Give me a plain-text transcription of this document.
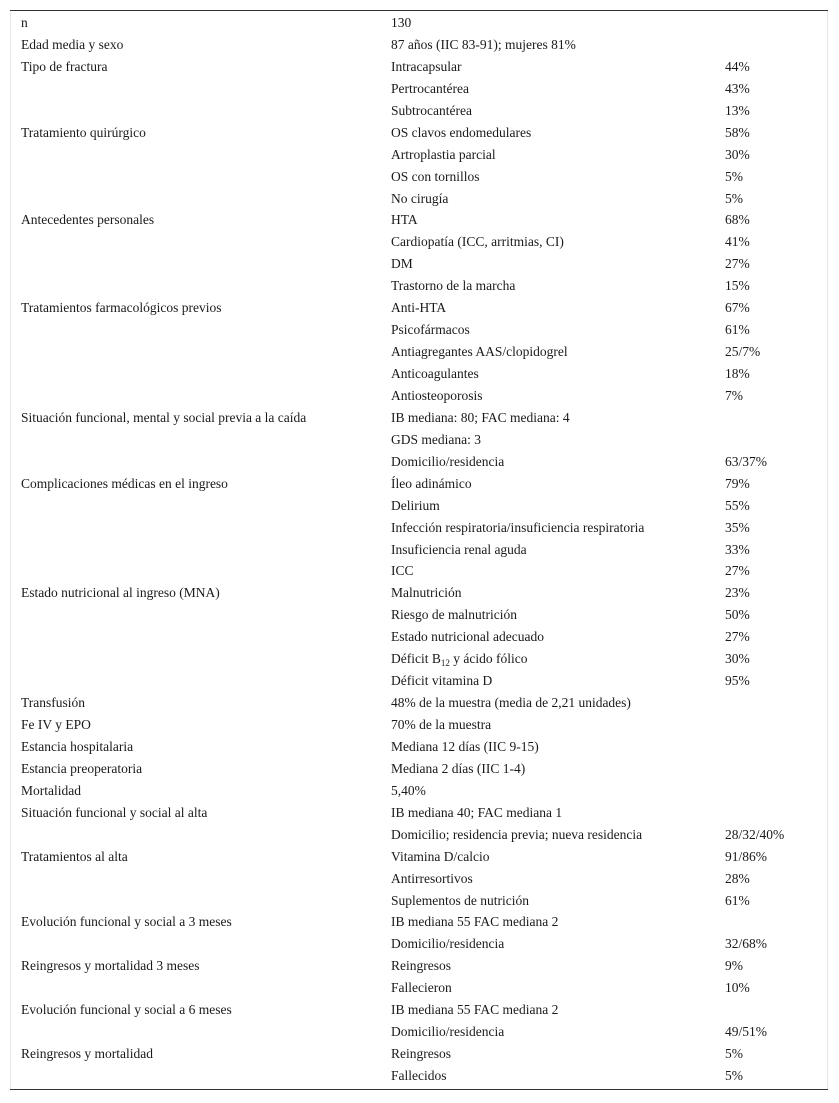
n	130
Edad media y sexo	87 años (IIC 83-91); mujeres 81%
Tipo de fractura	Intracapsular	44%
Pertrocantérea	43%
Subtrocantérea	13%
Tratamiento quirúrgico	OS clavos endomedulares	58%
Artroplastia parcial	30%
OS con tornillos	5%
No cirugía	5%
Antecedentes personales	HTA	68%
Cardiopatía (ICC, arritmias, CI)	41%
DM	27%
Trastorno de la marcha	15%
Tratamientos farmacológicos previos	Anti-HTA	67%
Psicofármacos	61%
Antiagregantes AAS/clopidogrel	25/7%
Anticoagulantes	18%
Antiosteoporosis	7%
Situación funcional, mental y social previa a la caída	IB mediana: 80; FAC mediana: 4
GDS mediana: 3
Domicilio/residencia	63/37%
Complicaciones médicas en el ingreso	Íleo adinámico	79%
Delirium	55%
Infección respiratoria/insuficiencia respiratoria	35%
Insuficiencia renal aguda	33%
ICC	27%
Estado nutricional al ingreso (MNA)	Malnutrición	23%
Riesgo de malnutrición	50%
Estado nutricional adecuado	27%
Déficit $B_{12}$ y ácido fólico	30%
Déficit vitamina D	95%
Transfusión	48% de la muestra (media de 2,21 unidades)
Fe IV y EPO	70% de la muestra
Estancia hospitalaria	Mediana 12 días (IIC 9-15)
Estancia preoperatoria	Mediana 2 días (IIC 1-4)
Mortalidad	5,40%
Situación funcional y social al alta	IB mediana 40; FAC mediana 1
Domicilio; residencia previa; nueva residencia	28/32/40%
Tratamientos al alta	Vitamina D/calcio	91/86%
Antirresortivos	28%
Suplementos de nutrición	61%
Evolución funcional y social a 3 meses	IB mediana 55 FAC mediana 2
Domicilio/residencia	32/68%
Reingresos y mortalidad 3 meses	Reingresos	9%
Fallecieron	10%
Evolución funcional y social a 6 meses	IB mediana 55 FAC mediana 2
Domicilio/residencia	49/51%
Reingresos y mortalidad	Reingresos	5%
Fallecidos	5%
